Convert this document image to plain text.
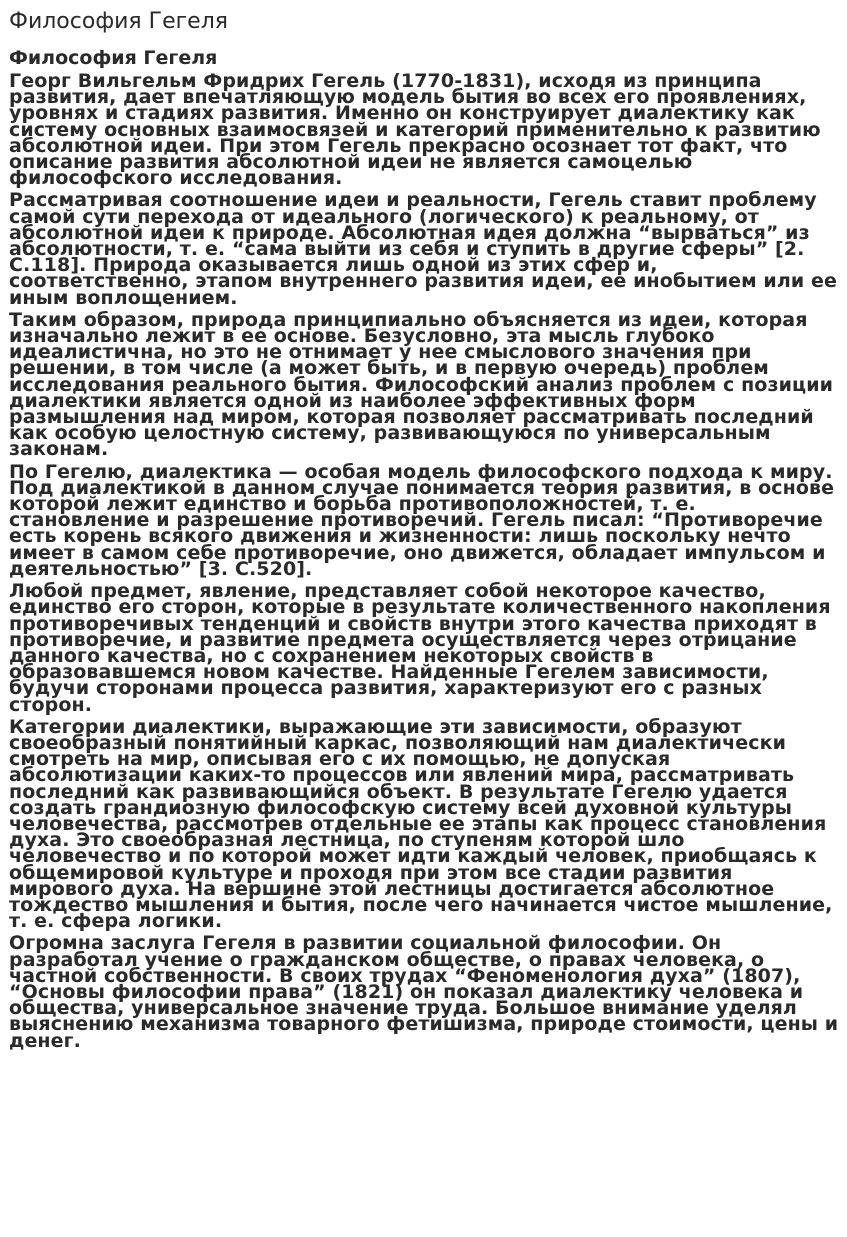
Философия Гегеля
Философия Гегеля
Георг Вильгельм Фридрих Гегель (1770-1831), исходя из принципа развития, дает впечатляющую модель бытия во всех его проявлениях, уровнях и стадиях развития. Именно он конструирует диалектику как систему основных взаимосвязей и категорий применительно к развитию абсолютной идеи. При этом Гегель прекрасно осознает тот факт, что описание развития абсолютной идеи не является самоцелью философского исследования.
Рассматривая соотношение идеи и реальности, Гегель ставит проблему самой сути перехода от идеального (логического) к реальному, от абсолютной идеи к природе. Абсолютная идея должна “вырваться” из абсолютности, т. е. “сама выйти из себя и ступить в другие сферы” [2. С.118]. Природа оказывается лишь одной из этих сфер и, соответственно, этапом внутреннего развития идеи, ее инобытием или ее иным воплощением.
Таким образом, природа принципиально объясняется из идеи, которая изначально лежит в ее основе. Безусловно, эта мысль глубоко идеалистична, но это не отнимает у нее смыслового значения при решении, в том числе (а может быть, и в первую очередь) проблем исследования реального бытия. Философский анализ проблем с позиции диалектики является одной из наиболее эффективных форм размышления над миром, которая позволяет рассматривать последний как особую целостную систему, развивающуюся по универсальным законам.
По Гегелю, диалектика — особая модель философского подхода к миру. Под диалектикой в данном случае понимается теория развития, в основе которой лежит единство и борьба противоположностей, т. е. становление и разрешение противоречий. Гегель писал: “Противоречие есть корень всякого движения и жизненности: лишь поскольку нечто имеет в самом себе противоречие, оно движется, обладает импульсом и деятельностью” [3. С.520].
Любой предмет, явление, представляет собой некоторое качество, единство его сторон, которые в результате количественного накопления противоречивых тенденций и свойств внутри этого качества приходят в противоречие, и развитие предмета осуществляется через отрицание данного качества, но с сохранением некоторых свойств в образовавшемся новом качестве. Найденные Гегелем зависимости, будучи сторонами процесса развития, характеризуют его с разных сторон.
Категории диалектики, выражающие эти зависимости, образуют своеобразный понятийный каркас, позволяющий нам диалектически смотреть на мир, описывая его с их помощью, не допуская абсолютизации каких-то процессов или явлений мира, рассматривать последний как развивающийся объект. В результате Гегелю удается создать грандиозную философскую систему всей духовной культуры человечества, рассмотрев отдельные ее этапы как процесс становления духа. Это своеобразная лестница, по ступеням которой шло человечество и по которой может идти каждый человек, приобщаясь к общемировой культуре и проходя при этом все стадии развития мирового духа. На вершине этой лестницы достигается абсолютное тождество мышления и бытия, после чего начинается чистое мышление, т. е. сфера логики.
Огромна заслуга Гегеля в развитии социальной философии. Он разработал учение о гражданском обществе, о правах человека, о частной собственности. В своих трудах “Феноменология духа” (1807), “Основы философии права” (1821) он показал диалектику человека и общества, универсальное значение труда. Большое внимание уделял выяснению механизма товарного фетишизма, природе стоимости, цены и денег.
